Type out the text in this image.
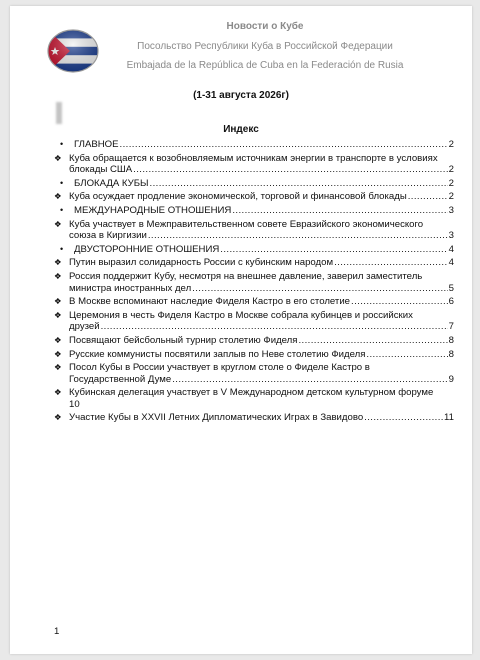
Новости о Кубе
Посольство Республики Куба в Российской Федерации
Embajada de la República de Cuba en la Federación de Rusia
(1-31 августа 2026г)
Индекс
• ГЛАВНОЕ .....	2
❖ Куба обращается к возобновляемым источникам энергии в транспорте в условиях
блокады США .....	2
• БЛОКАДА КУБЫ .....	2
❖ Куба осуждает продление экономической, торговой и финансовой блокады .....	2
• МЕЖДУНАРОДНЫЕ ОТНОШЕНИЯ .....	3
❖ Куба участвует в Межправительственном совете Евразийского экономического
союза в Киргизии .....	3
• ДВУСТОРОННИЕ ОТНОШЕНИЯ .....	4
❖ Путин выразил солидарность России с кубинским народом .....	4
❖ Россия поддержит Кубу, несмотря на внешнее давление, заверил заместитель
министра иностранных дел .....	5
❖ В Москве вспоминают наследие Фиделя Кастро в его столетие .....	6
❖ Церемония в честь Фиделя Кастро в Москве собрала кубинцев и российских
друзей .....	7
❖ Посвящают бейсбольный турнир столетию Фиделя .....	8
❖ Русские коммунисты посвятили заплыв по Неве столетию Фиделя .....	8
❖ Посол Кубы в России участвует в круглом столе о Фиделе Кастро в
Государственной Думе .....	9
❖ Кубинская делегация участвует в V Международном детском культурном форуме
10
❖ Участие Кубы в XXVII Летних Дипломатических Играх в Завидово .....	11
1
